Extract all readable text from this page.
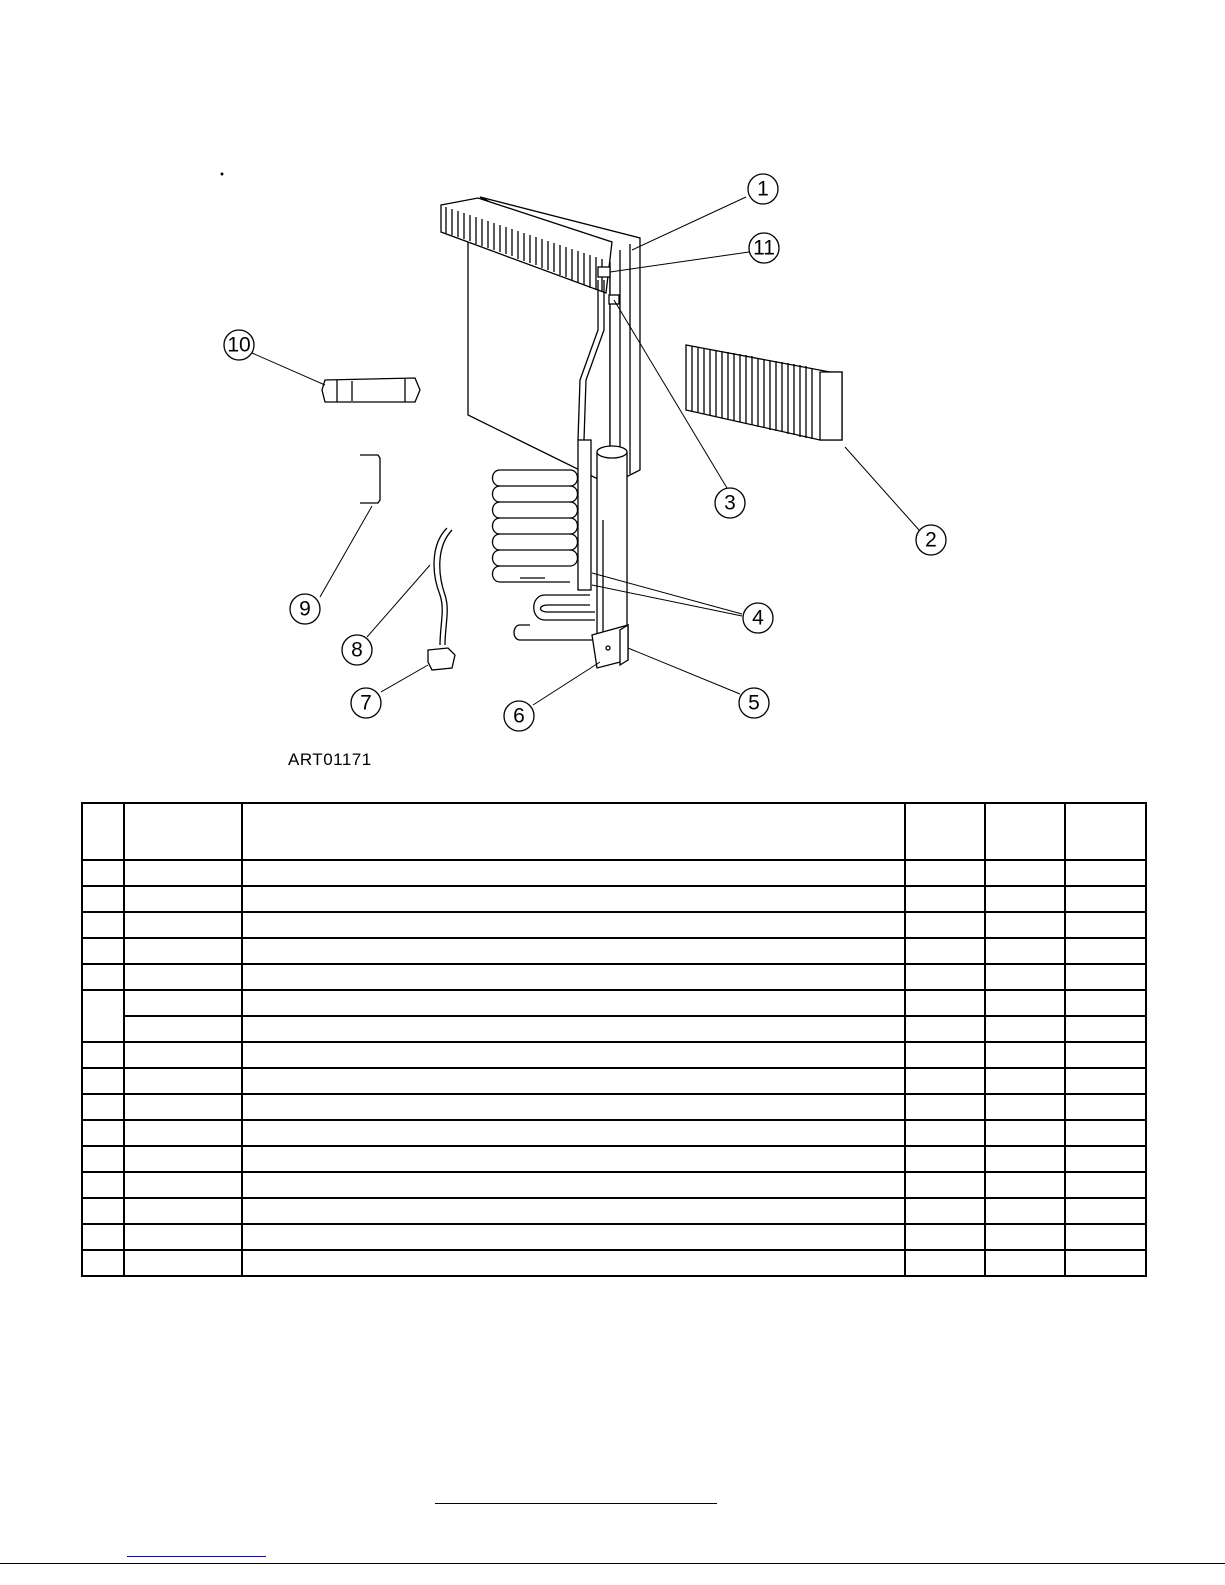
1
11
10
3
2
9	4
8
7
6
5
ART01171
